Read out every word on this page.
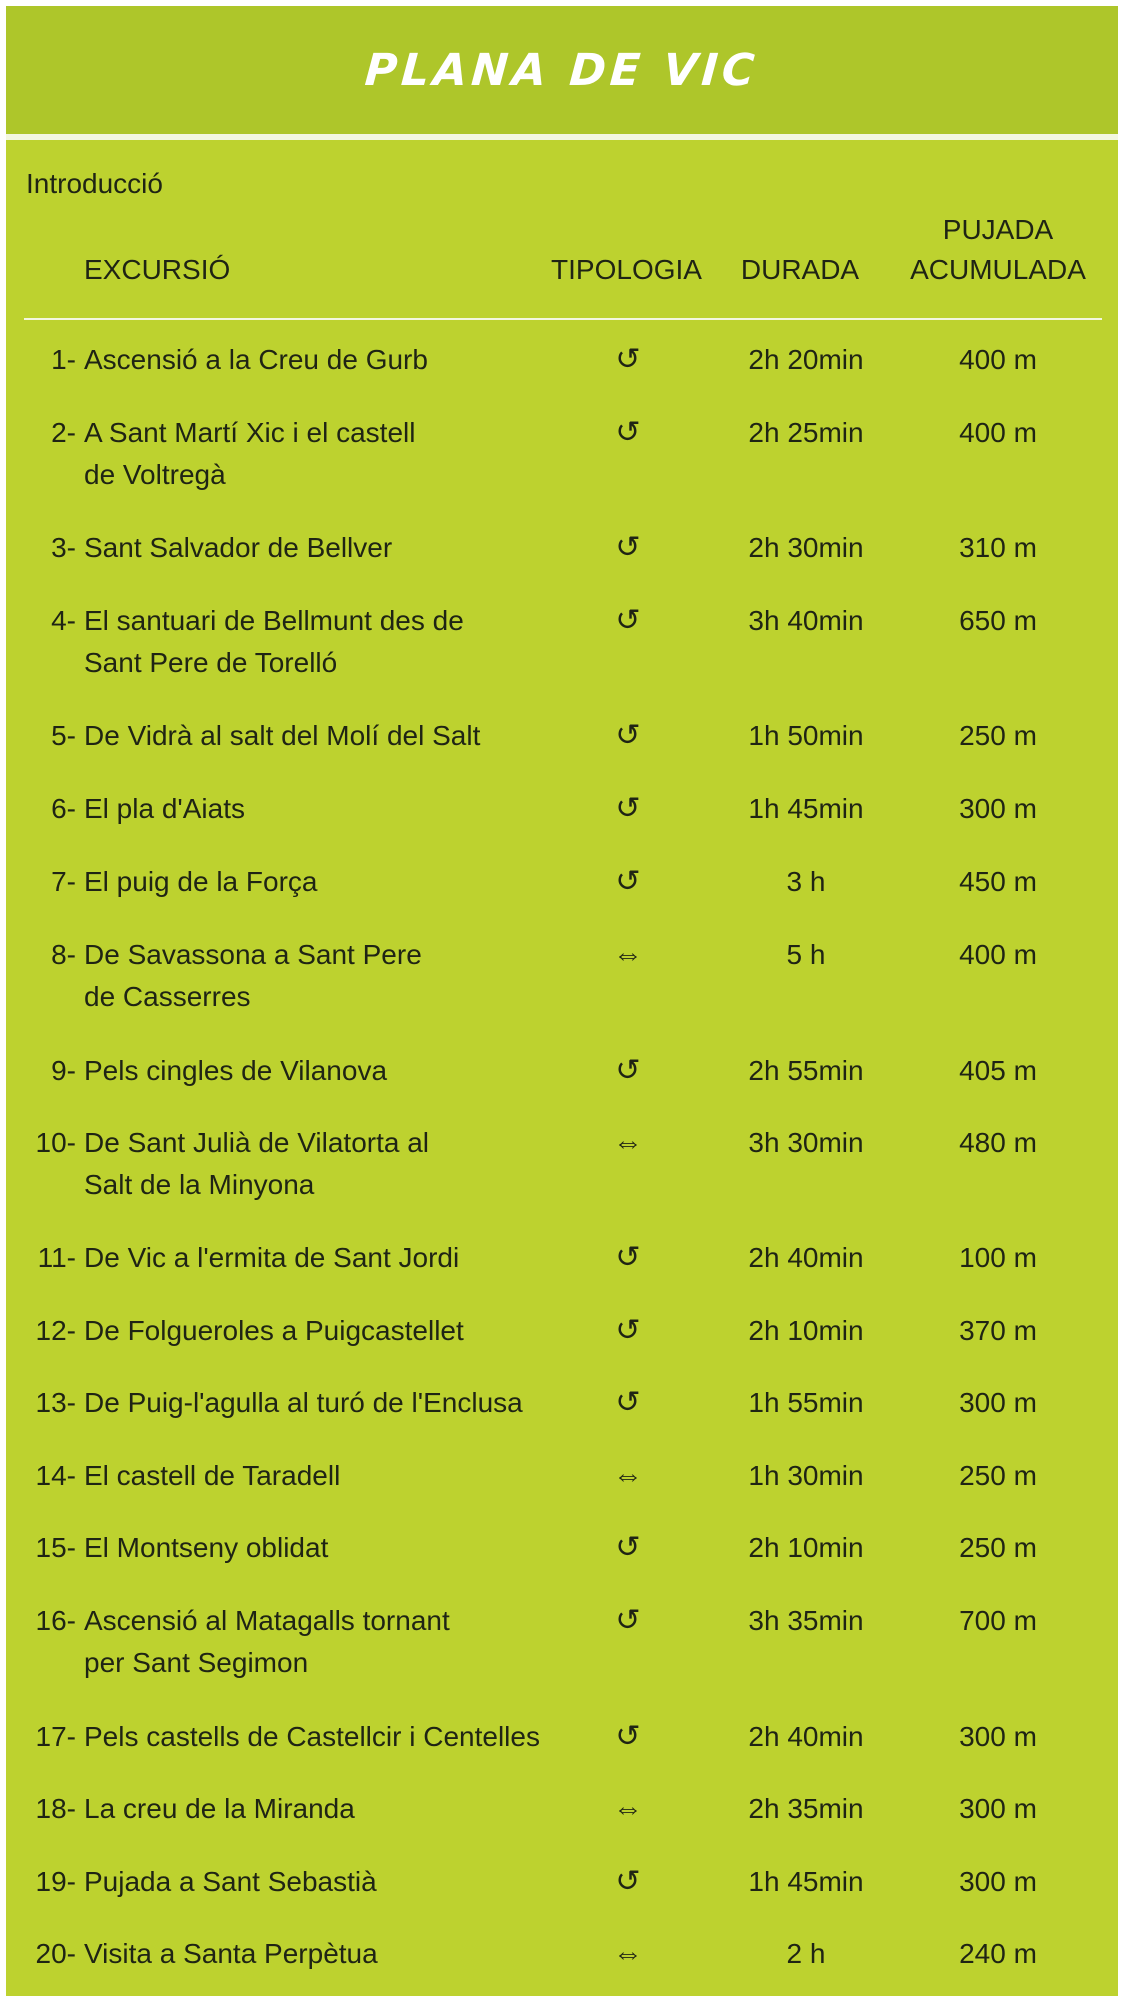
PLANA DE VIC
Introducció
EXCURSIÓ	TIPOLOGIA	DURADA
PUJADA
ACUMULADA
1- Ascensió a la Creu de Gurb	↺	2h 20min	400 m
2- A Sant Martí Xic i el castell
de Voltregà
↺	2h 25min	400 m
3- Sant Salvador de Bellver	↺	2h 30min	310 m
4- El santuari de Bellmunt des de
Sant Pere de Torelló
↺	3h 40min	650 m
5- De Vidrà al salt del Molí del Salt	↺	1h 50min	250 m
6- El pla d'Aiats	↺	1h 45min	300 m
7- El puig de la Força	↺	3 h	450 m
8- De Savassona a Sant Pere
de Casserres
⇔	5 h	400 m
9- Pels cingles de Vilanova	↺	2h 55min	405 m
10- De Sant Julià de Vilatorta al
Salt de la Minyona
⇔	3h 30min	480 m
11- De Vic a l'ermita de Sant Jordi	↺	2h 40min	100 m
12- De Folgueroles a Puigcastellet	↺	2h 10min	370 m
13- De Puig-l'agulla al turó de l'Enclusa	↺	1h 55min	300 m
14- El castell de Taradell	⇔	1h 30min	250 m
15- El Montseny oblidat	↺	2h 10min	250 m
16- Ascensió al Matagalls tornant
per Sant Segimon
↺	3h 35min	700 m
17- Pels castells de Castellcir i Centelles	↺	2h 40min	300 m
18- La creu de la Miranda	⇔	2h 35min	300 m
19- Pujada a Sant Sebastià	↺	1h 45min	300 m
20- Visita a Santa Perpètua	⇔	2 h	240 m
